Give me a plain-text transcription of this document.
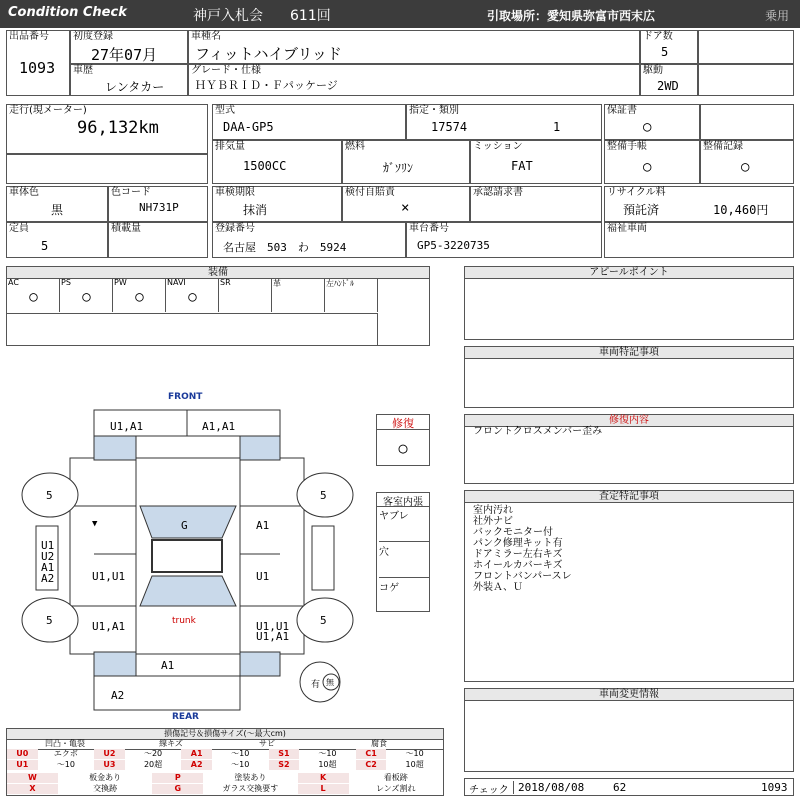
Condition Check	神戸入札会 611回	引取場所：愛知県弥富市西末広	乗用
出品番号
1093
初度登録
27年07月
車歴
レンタカー
車種名
フィットハイブリッド
グレード・仕様
ＨＹＢＲＩＤ・Ｆパッケージ
ドア数
5
駆動
2WD
走行(現メーター)
96,132km
型式
DAA-GP5
指定・類別
17574	1
排気量
1500CC
燃料
ｶﾞｿﾘﾝ
ミッション
FAT
保証書
○
整備手帳
○
整備記録
○
車体色
黒
色コード
NH731P
車検期限
抹消
検付自賠責
×
承認請求書	リサイクル料
預託済	10,460円
定員
5
積載量	登録番号
名古屋　503　わ　5924
車台番号
GP5-3220735
福祉車両
装備
AC
○
PS
○
PW
○
NAVI
○
SR	革	左ﾊﾝﾄﾞﾙ
アピールポイント
車両特記事項
修復内容
フロントクロスメンバー歪み
査定特記事項
室内汚れ
社外ナビ
バックモニター付
パンク修理キット有
ドアミラー左右キズ
ホイールカバーキズ
フロントバンパースレ
外装Ａ、Ｕ
車両変更情報
チェック 2018/08/08	62	1093
修復
○
客室内張
ヤブレ
穴
コゲ
FRONT
REAR
trunk
U1,A1	A1,A1
5	5
5	5
G
▼	A1
U1,U1	U1
U1,A1	U1,U1
U1,A1
U1
U2
A1
A2
A1
A2
有 無
損傷記号＆損傷サイズ(～最大cm)
凹凸・亀裂	線キズ	サビ	腐食
U0	エクボ	U2	～20	A1	～10	S1	～10	C1	～10
U1	～10	U3	20超	A2	～10	S2	10超	C2	10超
W	板金あり	P	塗装あり	K	看板跡
X	交換跡	G	ガラス交換要す	L	レンズ割れ
